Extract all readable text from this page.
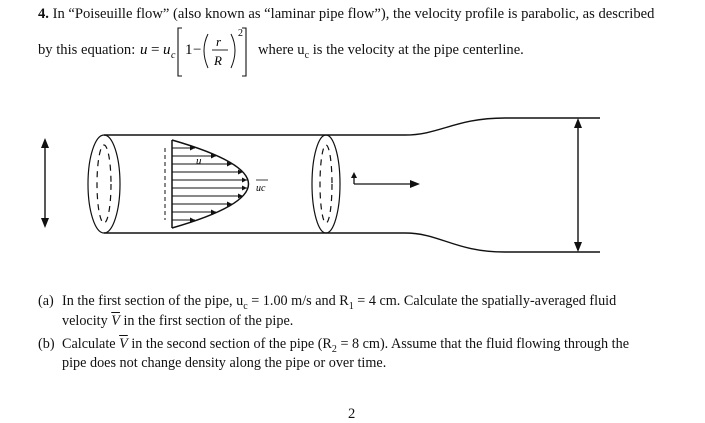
4. In “Poiseuille flow” (also known as “laminar pipe flow”), the velocity profile is parabolic, as described
by this equation: u = u c 1 −
r
R
2
where $u_c$ is the velocity at the pipe centerline.
u
uc
(a) In the first section of the pipe, $u_c = 1.00$ m/s and $R_1 = 4$ cm. Calculate the spatially-averaged fluid
velocity $\overline{V}$ in the first section of the pipe.
(b) Calculate $\overline{V}$ in the second section of the pipe ($R_2 = 8$ cm). Assume that the fluid flowing through the
pipe does not change density along the pipe or over time.
2
